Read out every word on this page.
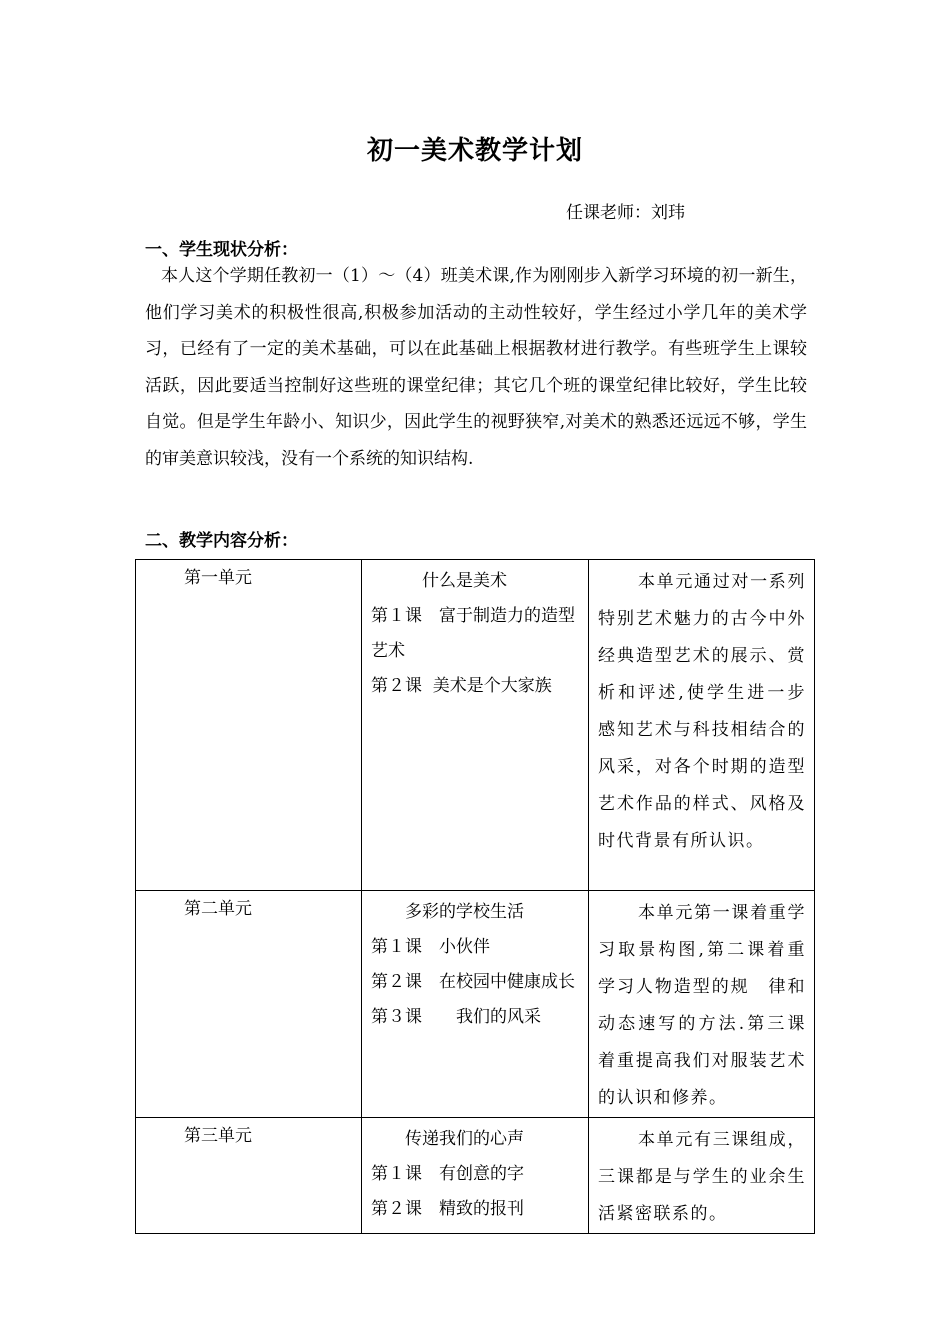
初一美术教学计划
任课老师：刘玮
一、学生现状分析：

本人这个学期任教初一（1）～（4）班美术课,作为刚刚步入新学习环境的初一新生，他们学习美术的积极性很高,积极参加活动的主动性较好，学生经过小学几年的美术学习，已经有了一定的美术基础，可以在此基础上根据教材进行教学。有些班学生上课较活跃，因此要适当控制好这些班的课堂纪律；其它几个班的课堂纪律比较好，学生比较自觉。但是学生年龄小、知识少，因此学生的视野狭窄,对美术的熟悉还远远不够，学生的审美意识较浅，没有一个系统的知识结构.

二、教学内容分析：
第一单元	什么是美术
第１课　富于制造力的造型艺术
第２课  美术是个大家族	本单元通过对一系列特别艺术魅力的古今中外经典造型艺术的展示、赏析和评述,使学生进一步感知艺术与科技相结合的风采，对各个时期的造型艺术作品的样式、风格及时代背景有所认识。

第二单元	多彩的学校生活
第１课　小伙伴
第２课　在校园中健康成长
第３课　　我们的风采	本单元第一课着重学习取景构图,第二课着重学习人物造型的规　律和动态速写的方法.第三课着重提高我们对服装艺术的认识和修养。

第三单元	传递我们的心声
第１课　有创意的字
第２课　精致的报刊	本单元有三课组成，三课都是与学生的业余生活紧密联系的。
